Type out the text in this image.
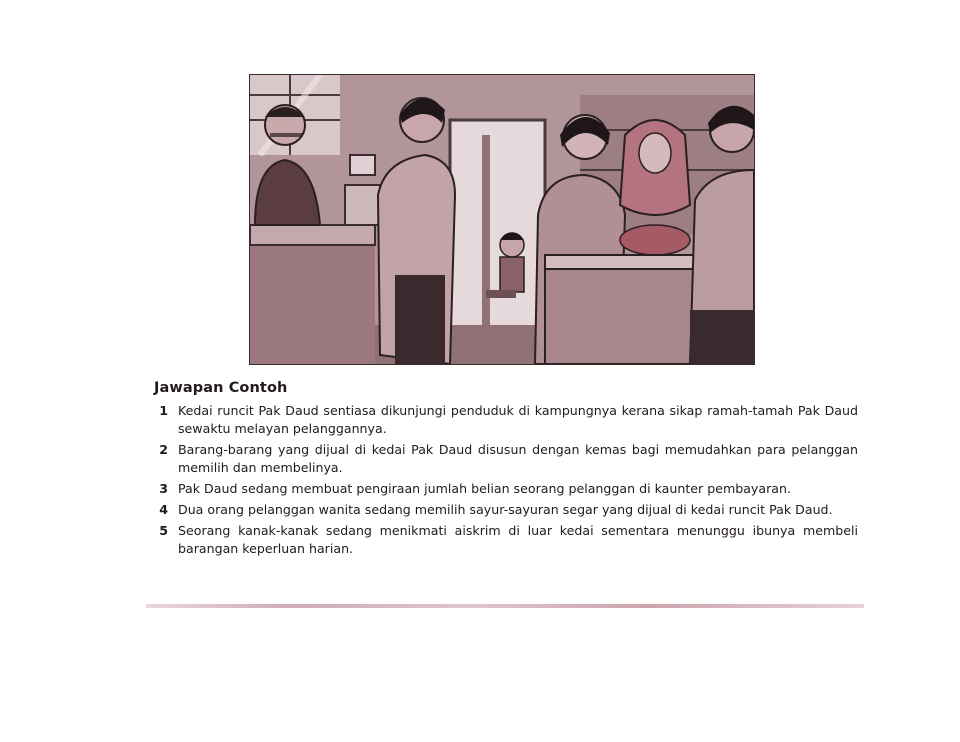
Jawapan Contoh
1 Kedai runcit Pak Daud sentiasa dikunjungi penduduk di kampungnya kerana sikap ramah-tamah Pak Daud sewaktu melayan pelanggannya.
2 Barang-barang yang dijual di kedai Pak Daud disusun dengan kemas bagi memudahkan para pelanggan memilih dan membelinya.
3 Pak Daud sedang membuat pengiraan jumlah belian seorang pelanggan di kaunter pembayaran.
4 Dua orang pelanggan wanita sedang memilih sayur-sayuran segar yang dijual di kedai runcit Pak Daud.
5 Seorang kanak-kanak sedang menikmati aiskrim di luar kedai sementara menunggu ibunya membeli barangan keperluan harian.
